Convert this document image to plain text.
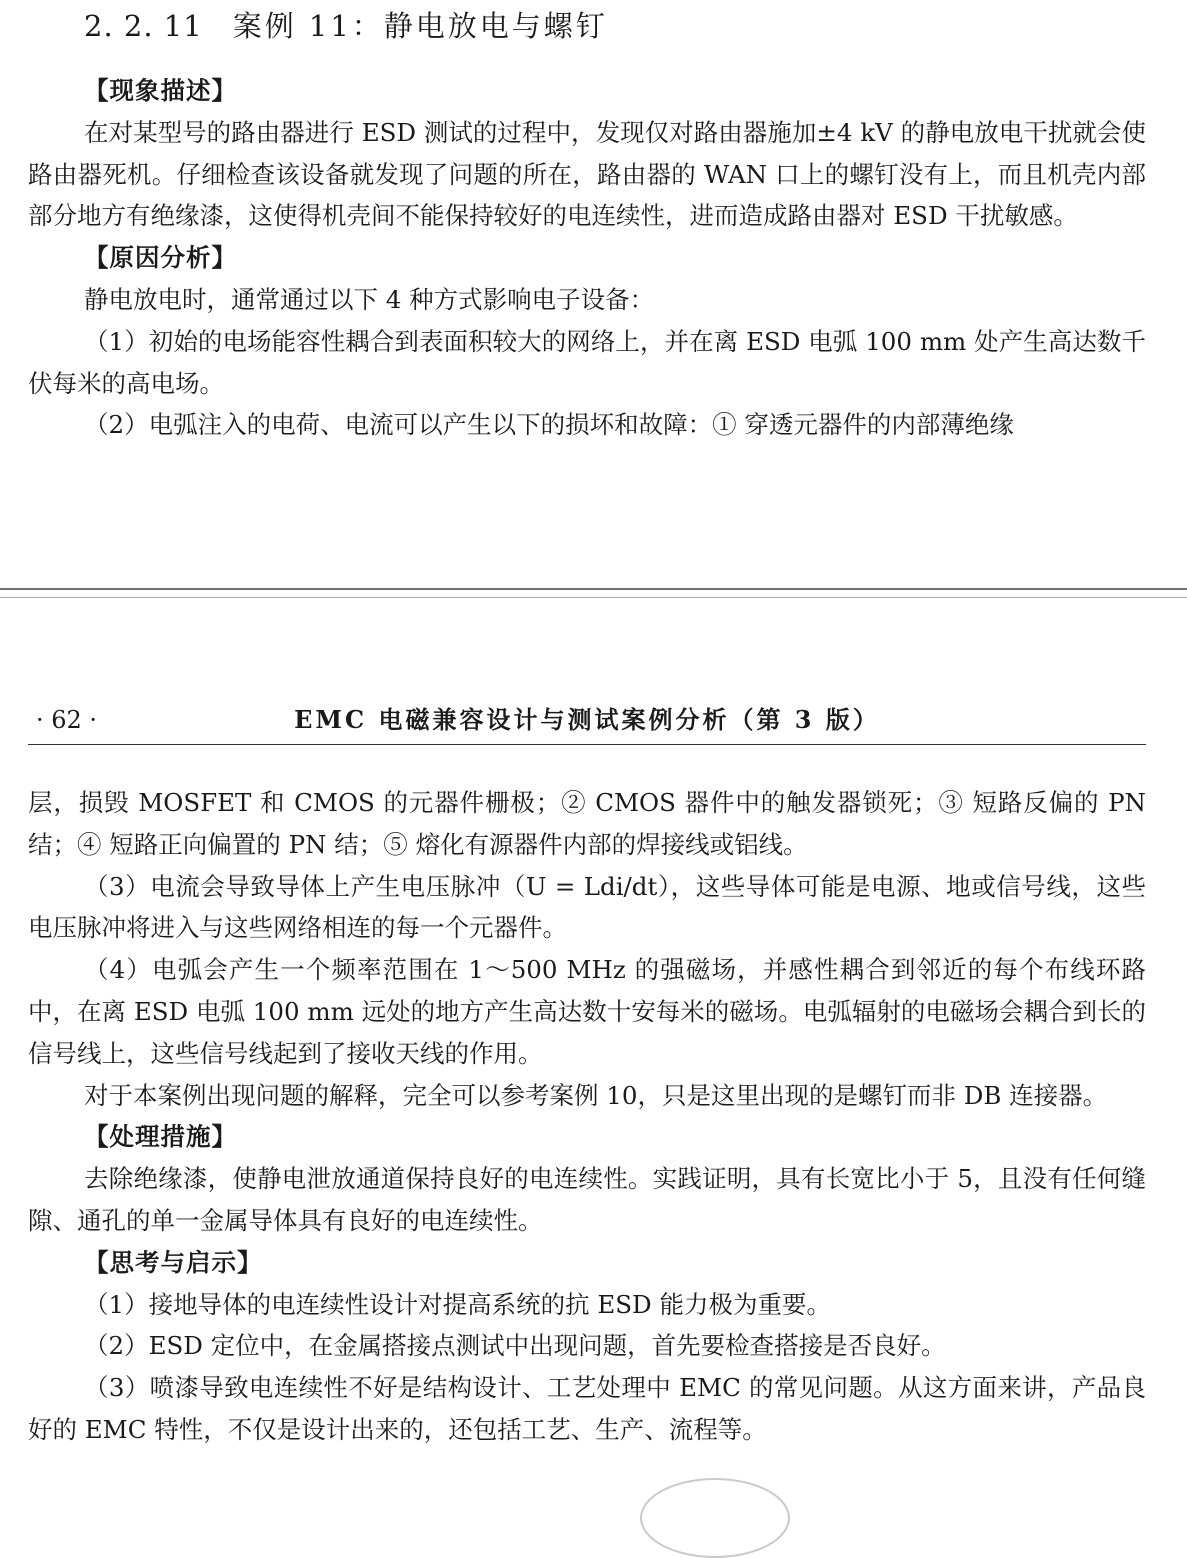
2. 2. 11 案例 11：静电放电与螺钉

【现象描述】

在对某型号的路由器进行 ESD 测试的过程中，发现仅对路由器施加±4 kV 的静电放电干扰就会使路由器死机。仔细检查该设备就发现了问题的所在，路由器的 WAN 口上的螺钉没有上，而且机壳内部部分地方有绝缘漆，这使得机壳间不能保持较好的电连续性，进而造成路由器对 ESD 干扰敏感。

【原因分析】

静电放电时，通常通过以下 4 种方式影响电子设备：

（1）初始的电场能容性耦合到表面积较大的网络上，并在离 ESD 电弧 100 mm 处产生高达数千伏每米的高电场。

（2）电弧注入的电荷、电流可以产生以下的损坏和故障：① 穿透元器件的内部薄绝缘

· 62 ·	EMC 电磁兼容设计与测试案例分析（第 3 版）

层，损毁 MOSFET 和 CMOS 的元器件栅极；② CMOS 器件中的触发器锁死；③ 短路反偏的 PN 结；④ 短路正向偏置的 PN 结；⑤ 熔化有源器件内部的焊接线或铝线。

（3）电流会导致导体上产生电压脉冲（U = Ldi/dt），这些导体可能是电源、地或信号线，这些电压脉冲将进入与这些网络相连的每一个元器件。

（4）电弧会产生一个频率范围在 1～500 MHz 的强磁场，并感性耦合到邻近的每个布线环路中，在离 ESD 电弧 100 mm 远处的地方产生高达数十安每米的磁场。电弧辐射的电磁场会耦合到长的信号线上，这些信号线起到了接收天线的作用。

对于本案例出现问题的解释，完全可以参考案例 10，只是这里出现的是螺钉而非 DB 连接器。

【处理措施】

去除绝缘漆，使静电泄放通道保持良好的电连续性。实践证明，具有长宽比小于 5，且没有任何缝隙、通孔的单一金属导体具有良好的电连续性。

【思考与启示】

（1）接地导体的电连续性设计对提高系统的抗 ESD 能力极为重要。

（2）ESD 定位中，在金属搭接点测试中出现问题，首先要检查搭接是否良好。

（3）喷漆导致电连续性不好是结构设计、工艺处理中 EMC 的常见问题。从这方面来讲，产品良好的 EMC 特性，不仅是设计出来的，还包括工艺、生产、流程等。
